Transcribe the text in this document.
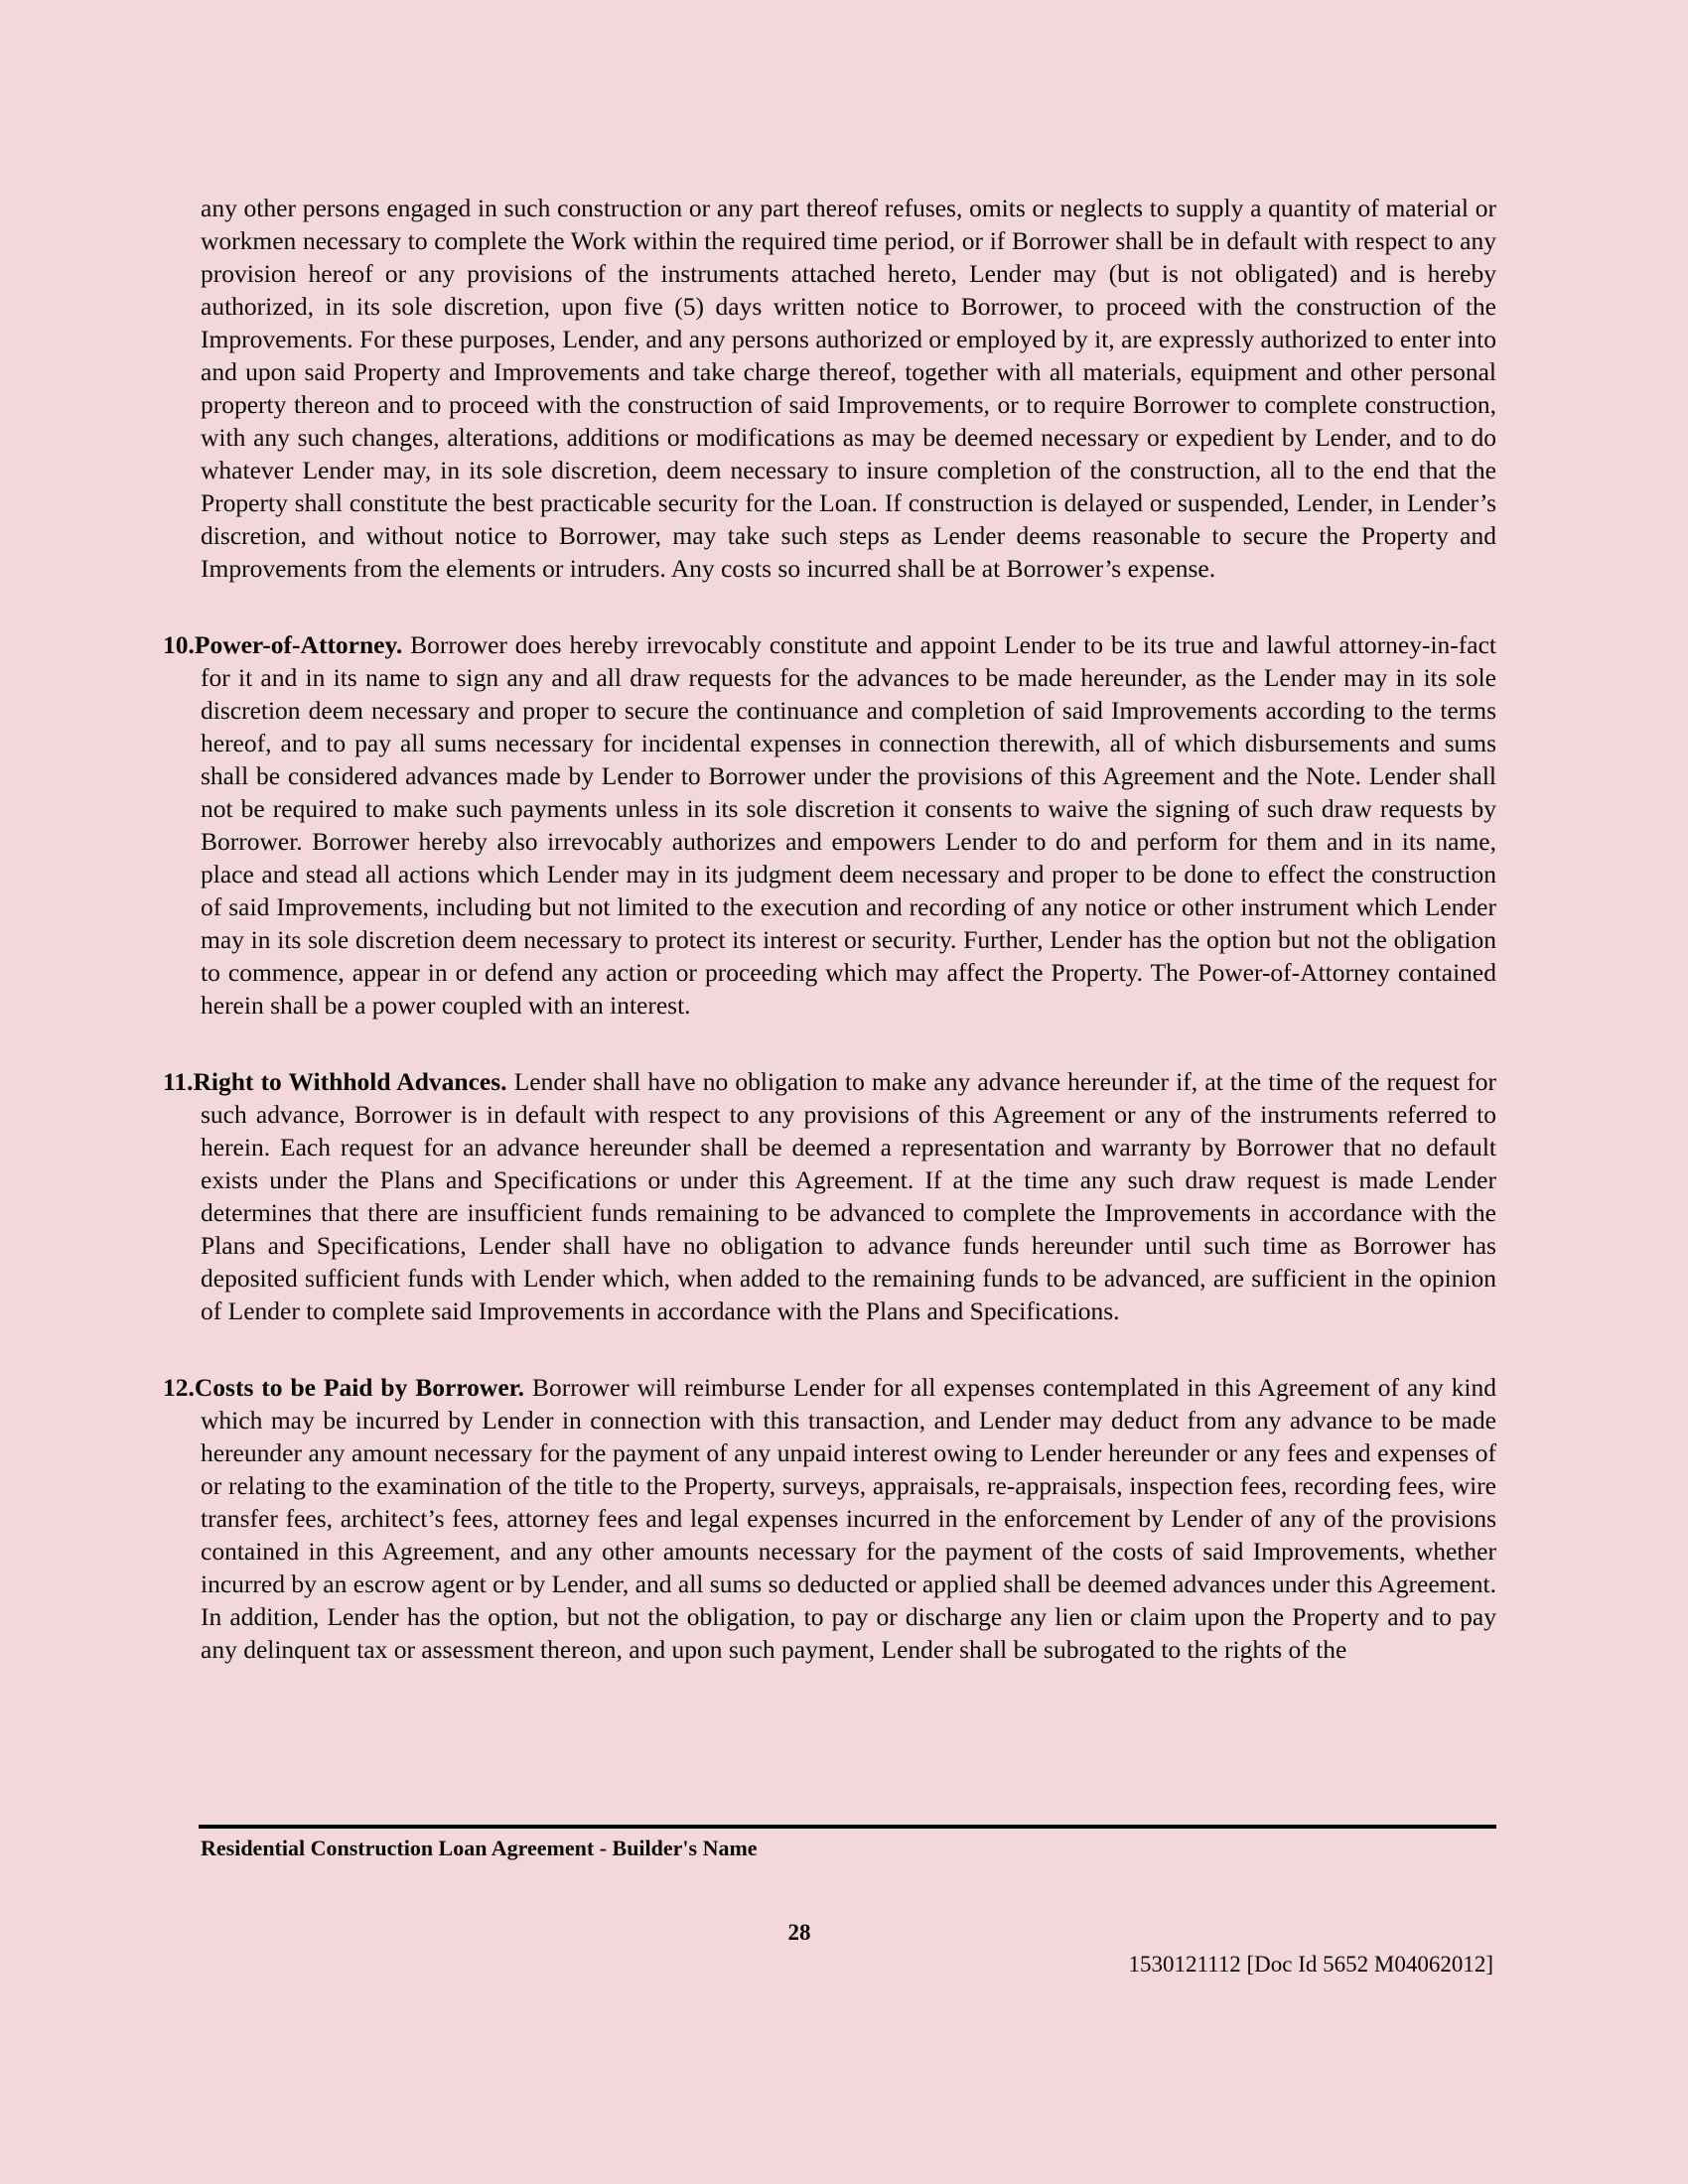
any other persons engaged in such construction or any part thereof refuses, omits or neglects to supply a quantity of material or workmen necessary to complete the Work within the required time period, or if Borrower shall be in default with respect to any provision hereof or any provisions of the instruments attached hereto, Lender may (but is not obligated) and is hereby authorized, in its sole discretion, upon five (5) days written notice to Borrower, to proceed with the construction of the Improvements. For these purposes, Lender, and any persons authorized or employed by it, are expressly authorized to enter into and upon said Property and Improvements and take charge thereof, together with all materials, equipment and other personal property thereon and to proceed with the construction of said Improvements, or to require Borrower to complete construction, with any such changes, alterations, additions or modifications as may be deemed necessary or expedient by Lender, and to do whatever Lender may, in its sole discretion, deem necessary to insure completion of the construction, all to the end that the Property shall constitute the best practicable security for the Loan. If construction is delayed or suspended, Lender, in Lender’s discretion, and without notice to Borrower, may take such steps as Lender deems reasonable to secure the Property and Improvements from the elements or intruders. Any costs so incurred shall be at Borrower’s expense.

10.Power-of-Attorney. Borrower does hereby irrevocably constitute and appoint Lender to be its true and lawful attorney-in-fact for it and in its name to sign any and all draw requests for the advances to be made hereunder, as the Lender may in its sole discretion deem necessary and proper to secure the continuance and completion of said Improvements according to the terms hereof, and to pay all sums necessary for incidental expenses in connection therewith, all of which disbursements and sums shall be considered advances made by Lender to Borrower under the provisions of this Agreement and the Note. Lender shall not be required to make such payments unless in its sole discretion it consents to waive the signing of such draw requests by Borrower. Borrower hereby also irrevocably authorizes and empowers Lender to do and perform for them and in its name, place and stead all actions which Lender may in its judgment deem necessary and proper to be done to effect the construction of said Improvements, including but not limited to the execution and recording of any notice or other instrument which Lender may in its sole discretion deem necessary to protect its interest or security. Further, Lender has the option but not the obligation to commence, appear in or defend any action or proceeding which may affect the Property. The Power-of-Attorney contained herein shall be a power coupled with an interest.

11.Right to Withhold Advances. Lender shall have no obligation to make any advance hereunder if, at the time of the request for such advance, Borrower is in default with respect to any provisions of this Agreement or any of the instruments referred to herein. Each request for an advance hereunder shall be deemed a representation and warranty by Borrower that no default exists under the Plans and Specifications or under this Agreement. If at the time any such draw request is made Lender determines that there are insufficient funds remaining to be advanced to complete the Improvements in accordance with the Plans and Specifications, Lender shall have no obligation to advance funds hereunder until such time as Borrower has deposited sufficient funds with Lender which, when added to the remaining funds to be advanced, are sufficient in the opinion of Lender to complete said Improvements in accordance with the Plans and Specifications.

12.Costs to be Paid by Borrower. Borrower will reimburse Lender for all expenses contemplated in this Agreement of any kind which may be incurred by Lender in connection with this transaction, and Lender may deduct from any advance to be made hereunder any amount necessary for the payment of any unpaid interest owing to Lender hereunder or any fees and expenses of or relating to the examination of the title to the Property, surveys, appraisals, re-appraisals, inspection fees, recording fees, wire transfer fees, architect’s fees, attorney fees and legal expenses incurred in the enforcement by Lender of any of the provisions contained in this Agreement, and any other amounts necessary for the payment of the costs of said Improvements, whether incurred by an escrow agent or by Lender, and all sums so deducted or applied shall be deemed advances under this Agreement. In addition, Lender has the option, but not the obligation, to pay or discharge any lien or claim upon the Property and to pay any delinquent tax or assessment thereon, and upon such payment, Lender shall be subrogated to the rights of the

Residential Construction Loan Agreement - Builder's Name
28
1530121112 [Doc Id 5652 M04062012]
